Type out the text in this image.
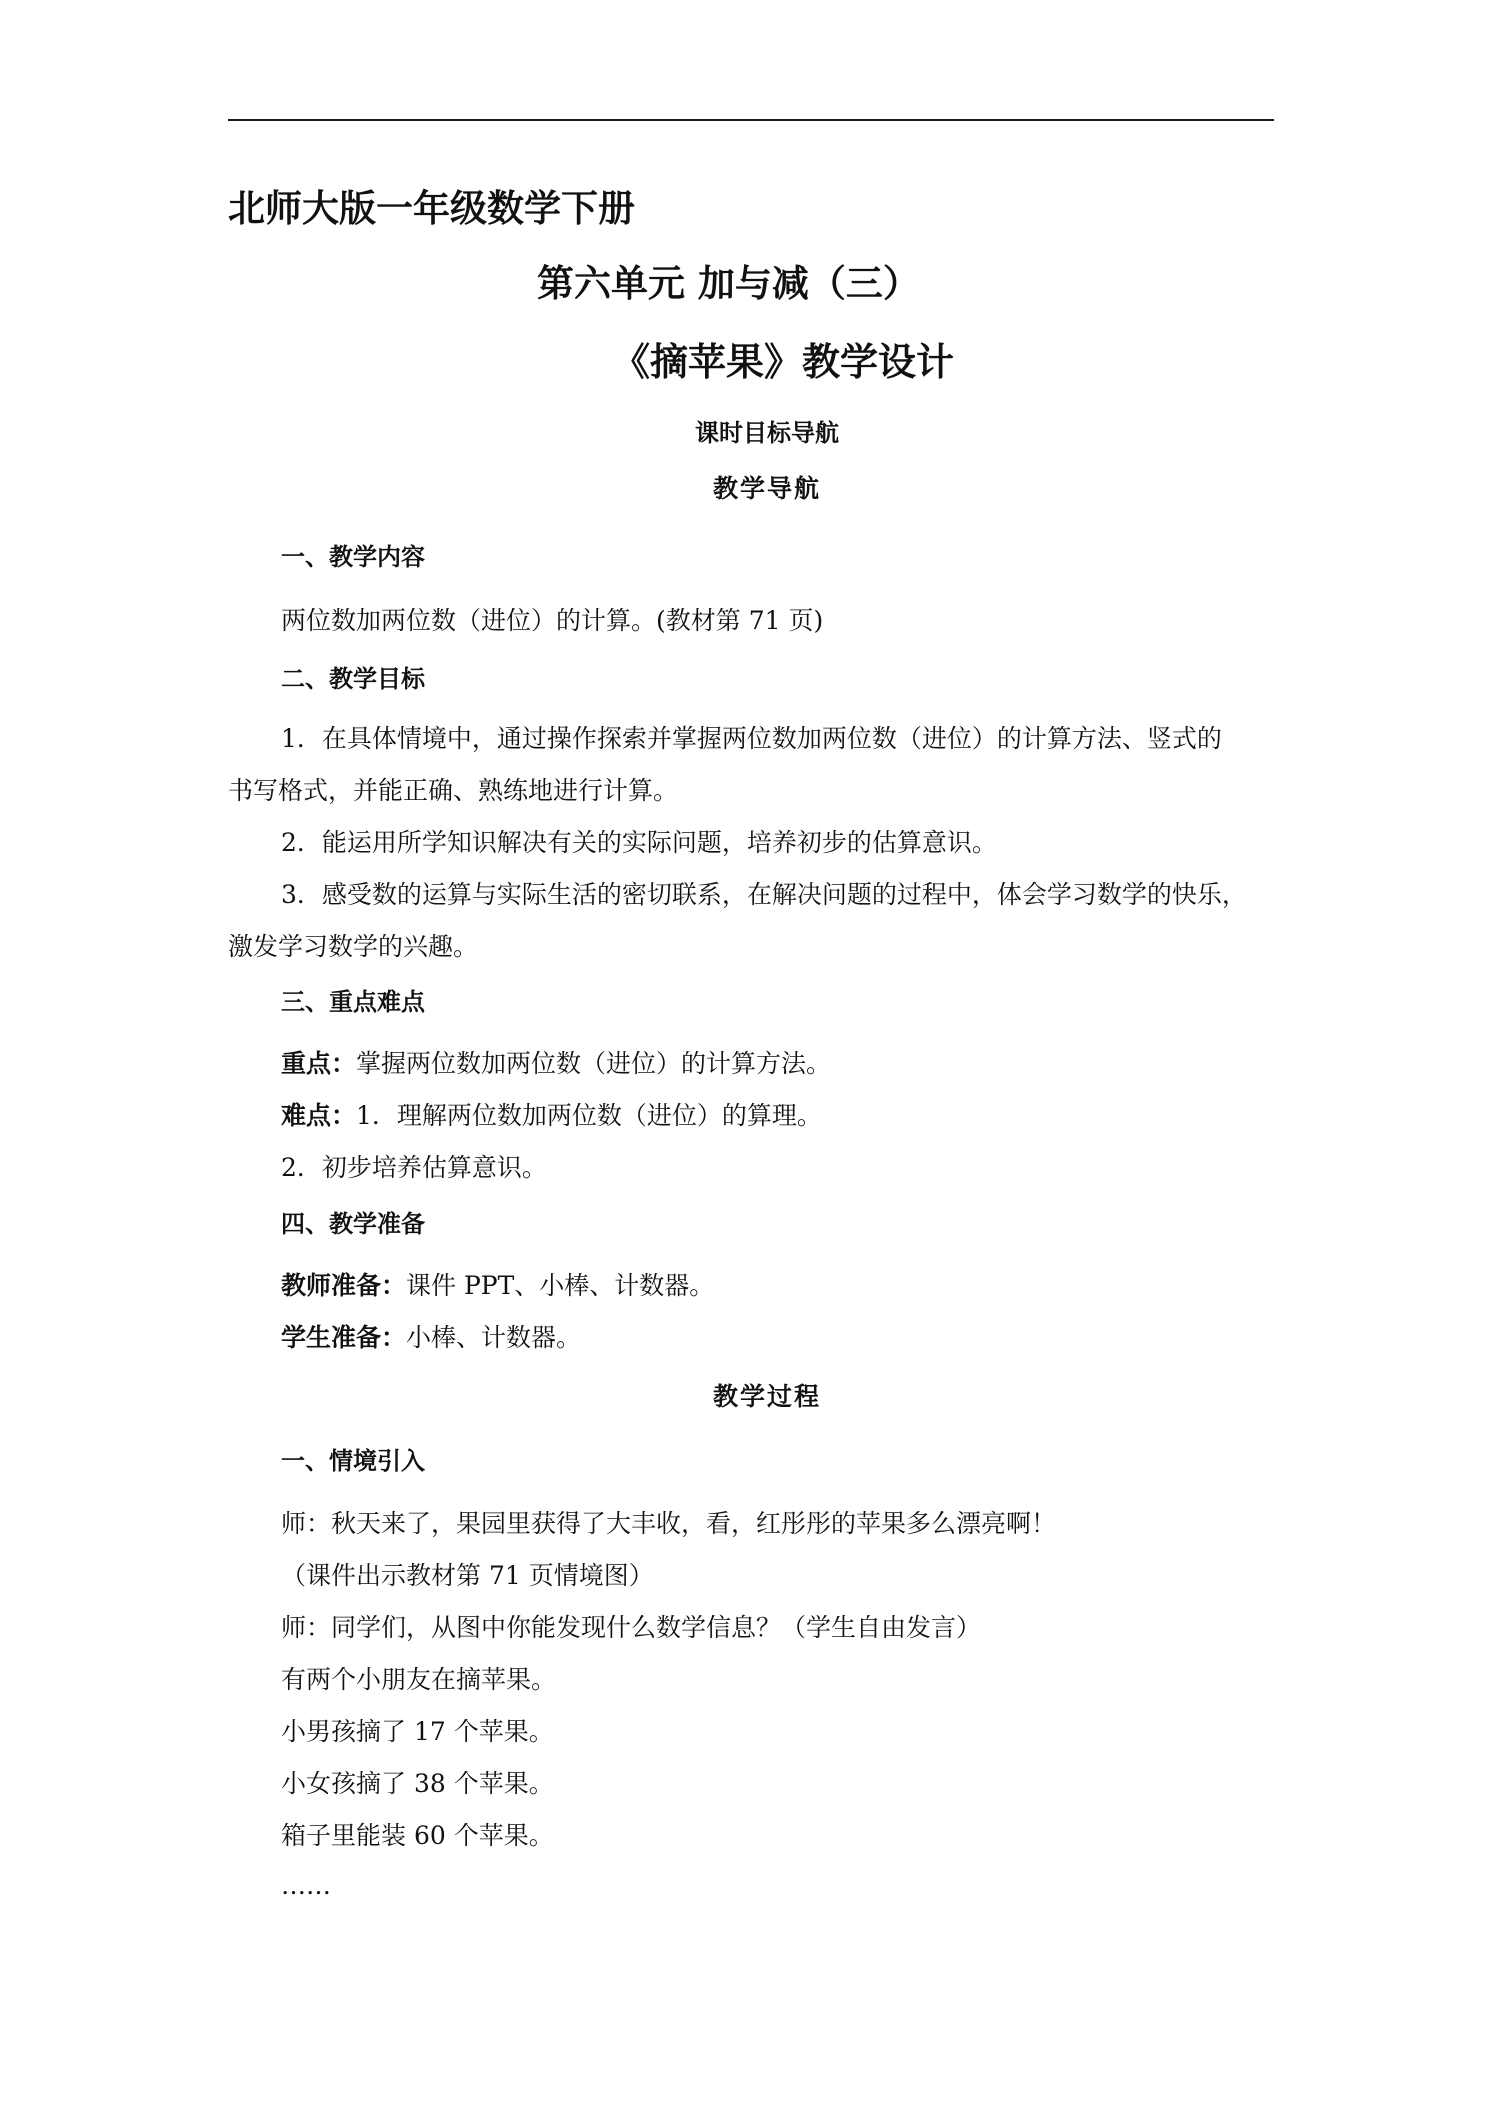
北师大版一年级数学下册
第六单元 加与减（三）
《摘苹果》教学设计
课时目标导航
教学导航
一、教学内容
两位数加两位数（进位）的计算。(教材第 71 页)
二、教学目标
1．在具体情境中，通过操作探索并掌握两位数加两位数（进位）的计算方法、竖式的
书写格式，并能正确、熟练地进行计算。
2．能运用所学知识解决有关的实际问题，培养初步的估算意识。
3．感受数的运算与实际生活的密切联系，在解决问题的过程中，体会学习数学的快乐，
激发学习数学的兴趣。
三、重点难点
重点：掌握两位数加两位数（进位）的计算方法。
难点：1．理解两位数加两位数（进位）的算理。
2．初步培养估算意识。
四、教学准备
教师准备：课件 PPT、小棒、计数器。
学生准备：小棒、计数器。
教学过程
一、情境引入
师：秋天来了，果园里获得了大丰收，看，红彤彤的苹果多么漂亮啊！
（课件出示教材第 71 页情境图）
师：同学们，从图中你能发现什么数学信息？（学生自由发言）
有两个小朋友在摘苹果。
小男孩摘了 17 个苹果。
小女孩摘了 38 个苹果。
箱子里能装 60 个苹果。
……
